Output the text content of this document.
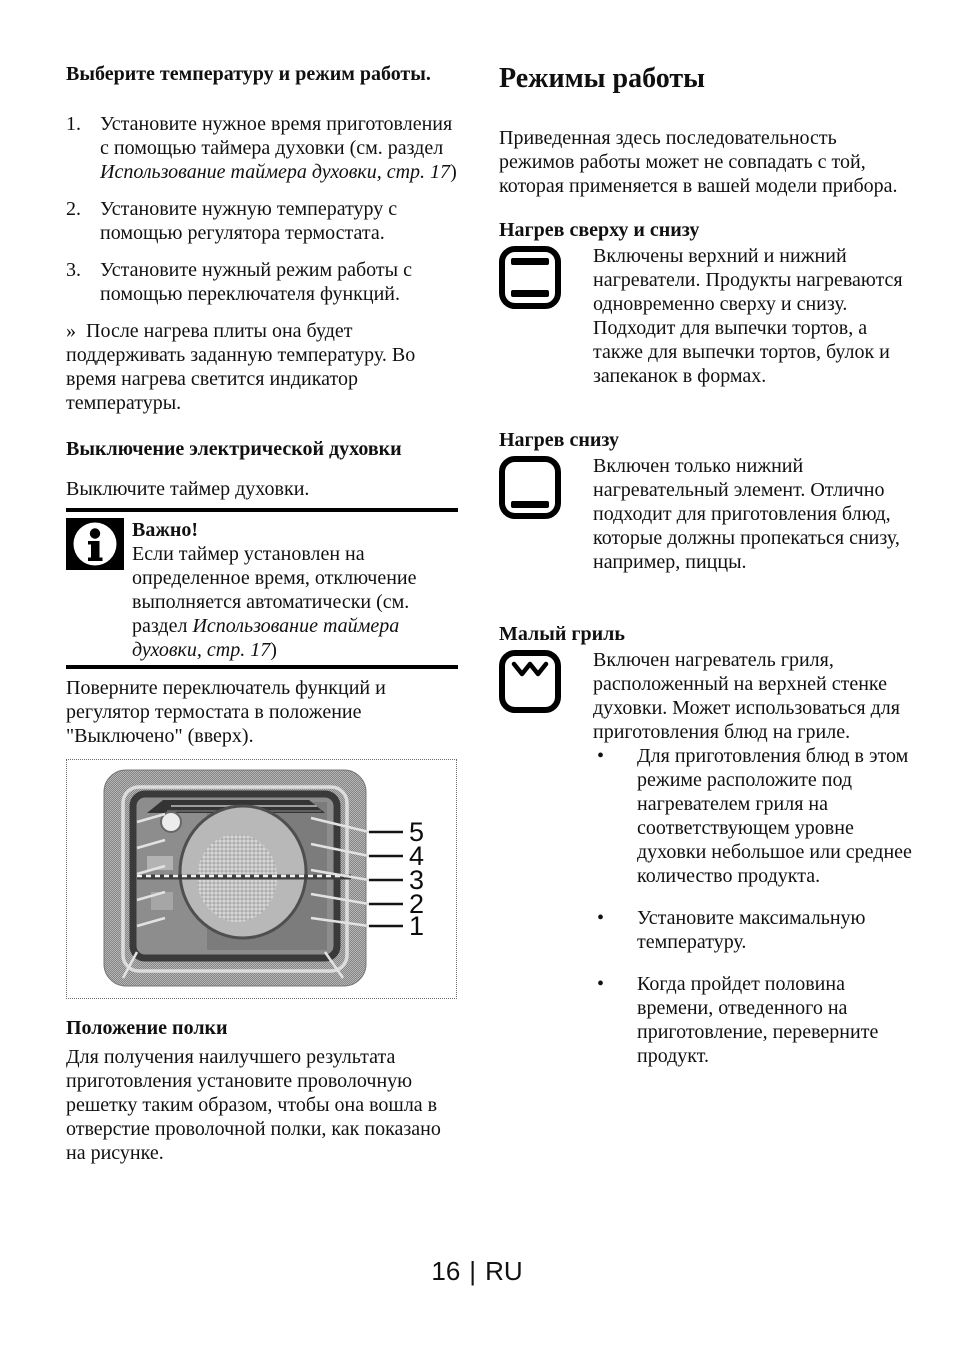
Выберите температуру и режим работы.
1. Установите нужное время приготовления с помощью таймера духовки (см. раздел Использование таймера духовки, стр. 17)
2. Установите нужную температуру с помощью регулятора термостата.
3. Установите нужный режим работы с помощью переключателя функций.

» После нагрева плиты она будет поддерживать заданную температуру. Во время нагрева светится индикатор температуры.

Выключение электрической духовки

Выключите таймер духовки.

Важно!

Если таймер установлен на определенное время, отключение выполняется автоматически (см. раздел Использование таймера духовки, стр. 17)

Поверните переключатель функций и регулятор термостата в положение "Выключено" (вверх).

5
4
3
2
1
Положение полки

Для получения наилучшего результата приготовления установите проволочную решетку таким образом, чтобы она вошла в отверстие проволочной полки, как показано на рисунке.

Режимы работы

Приведенная здесь последовательность режимов работы может не совпадать с той, которая применяется в вашей модели прибора.

Нагрев сверху и снизу
Включены верхний и нижний нагреватели. Продукты нагреваются одновременно сверху и снизу. Подходит для выпечки тортов, а также для выпечки тортов, булок и запеканок в формах.
Нагрев снизу
Включен только нижний нагревательный элемент. Отлично подходит для приготовления блюд, которые должны пропекаться снизу, например, пиццы.
Малый гриль
Включен нагреватель гриля, расположенный на верхней стенке духовки. Может использоваться для приготовления блюд на гриле.
•	Для приготовления блюд в этом режиме расположите под нагревателем гриля на соответствующем уровне духовки небольшое или среднее количество продукта.
•	Установите максимальную температуру.
•	Когда пройдет половина времени, отведенного на приготовление, переверните продукт.
16 | RU
